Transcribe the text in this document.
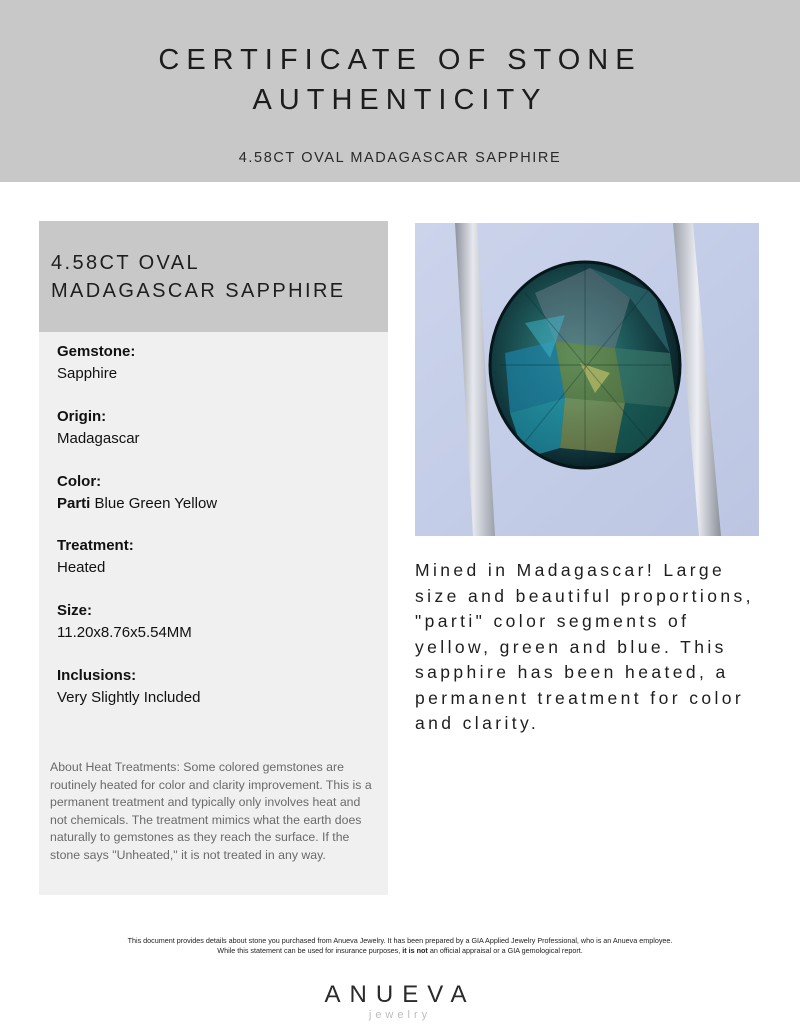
CERTIFICATE OF STONE
AUTHENTICITY
4.58CT OVAL MADAGASCAR SAPPHIRE
4.58CT OVAL
MADAGASCAR SAPPHIRE
Gemstone:
Sapphire
Origin:
Madagascar
Color:
Parti Blue Green Yellow
Treatment:
Heated
Size:
11.20x8.76x5.54MM
Inclusions:
Very Slightly Included
About Heat Treatments: Some colored gemstones are routinely heated for color and clarity improvement. This is a permanent treatment and typically only involves heat and not chemicals. The treatment mimics what the earth does naturally to gemstones as they reach the surface. If the stone says "Unheated," it is not treated in any way.
Mined in Madagascar! Large size and beautiful proportions, "parti" color segments of yellow, green and blue. This sapphire has been heated, a permanent treatment for color and clarity.
This document provides details about stone you purchased from Anueva Jewelry. It has been prepared by a GIA Applied Jewelry Professional, who is an Anueva employee.
While this statement can be used for insurance purposes, it is not an official appraisal or a GIA gemological report.
ANUEVA
jewelry
